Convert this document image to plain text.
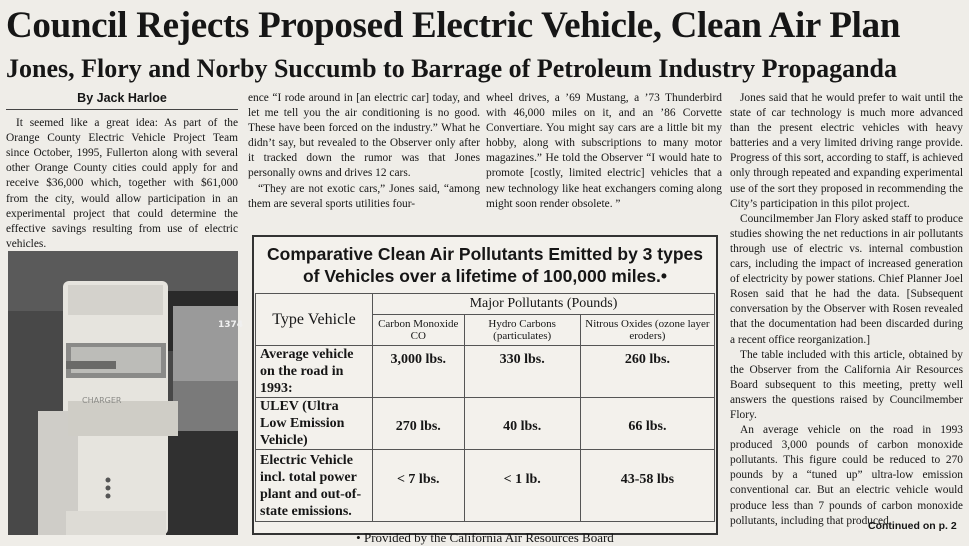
Council Rejects Proposed Electric Vehicle, Clean Air Plan
Jones, Flory and Norby Succumb to Barrage of Petroleum Industry Propaganda
By Jack Harloe

It seemed like a great idea: As part of the Orange County Electric Vehicle Project Team since October, 1995, Fullerton along with several other Orange County cities could apply for and receive $36,000 which, together with $61,000 from the city, would allow participation in an experimental project that could determine the effective savings resulting from use of electric vehicles.

CHARGER
1374

ence “I rode around in [an electric car] today, and let me tell you the air conditioning is no good. These have been forced on the industry.” What he didn’t say, but revealed to the Observer only after it tracked down the rumor was that Jones personally owns and drives 12 cars.

“They are not exotic cars,” Jones said, “among them are several sports utilities four-

wheel drives, a ’69 Mustang, a ’73 Thunderbird with 46,000 miles on it, and an ’86 Corvette Convertiare. You might say cars are a little bit my hobby, along with subscriptions to many motor magazines.” He told the Observer “I would hate to promote [costly, limited electric] vehicles that a new technology like heat exchangers coming along might soon render obsolete. ”

Jones said that he would prefer to wait until the state of car technology is much more advanced than the present electric vehicles with heavy batteries and a very limited driving range provide. Progress of this sort, according to staff, is achieved only through repeated and expanding experimental use of the sort they proposed in recommending the City’s participation in this pilot project.

Councilmember Jan Flory asked staff to produce studies showing the net reductions in air pollutants through use of electric vs. internal combustion cars, including the impact of increased generation of electricity by power stations. Chief Planner Joel Rosen said that he had the data. [Subsequent conversation by the Observer with Rosen revealed that the documentation had been discarded during a recent office reorganization.]

The table included with this article, obtained by the Observer from the California Air Resources Board subsequent to this meeting, pretty well answers the questions raised by Councilmember Flory.

An average vehicle on the road in 1993 produced 3,000 pounds of carbon monoxide pollutants. This figure could be reduced to 270 pounds by a “tuned up” ultra-low emission conventional car. But an electric vehicle would produce less than 7 pounds of carbon monoxide pollutants, including that produced

Comparative Clean Air Pollutants Emitted by 3 types of Vehicles over a lifetime of 100,000 miles.•
Type Vehicle	Major Pollutants (Pounds)		
	Carbon Monoxide CO	Hydro Carbons (particulates)	Nitrous Oxides (ozone layer eroders)
Average vehicle on the road in 1993:	3,000 lbs.	330 lbs.	260 lbs.
ULEV (Ultra Low Emission Vehicle)	270 lbs.	40 lbs.	66 lbs.
Electric Vehicle incl. total power plant and out-of-state emissions.	< 7 lbs.	< 1 lb.	43-58 lbs
• Provided by the California Air Resources Board
Continued on p. 2
